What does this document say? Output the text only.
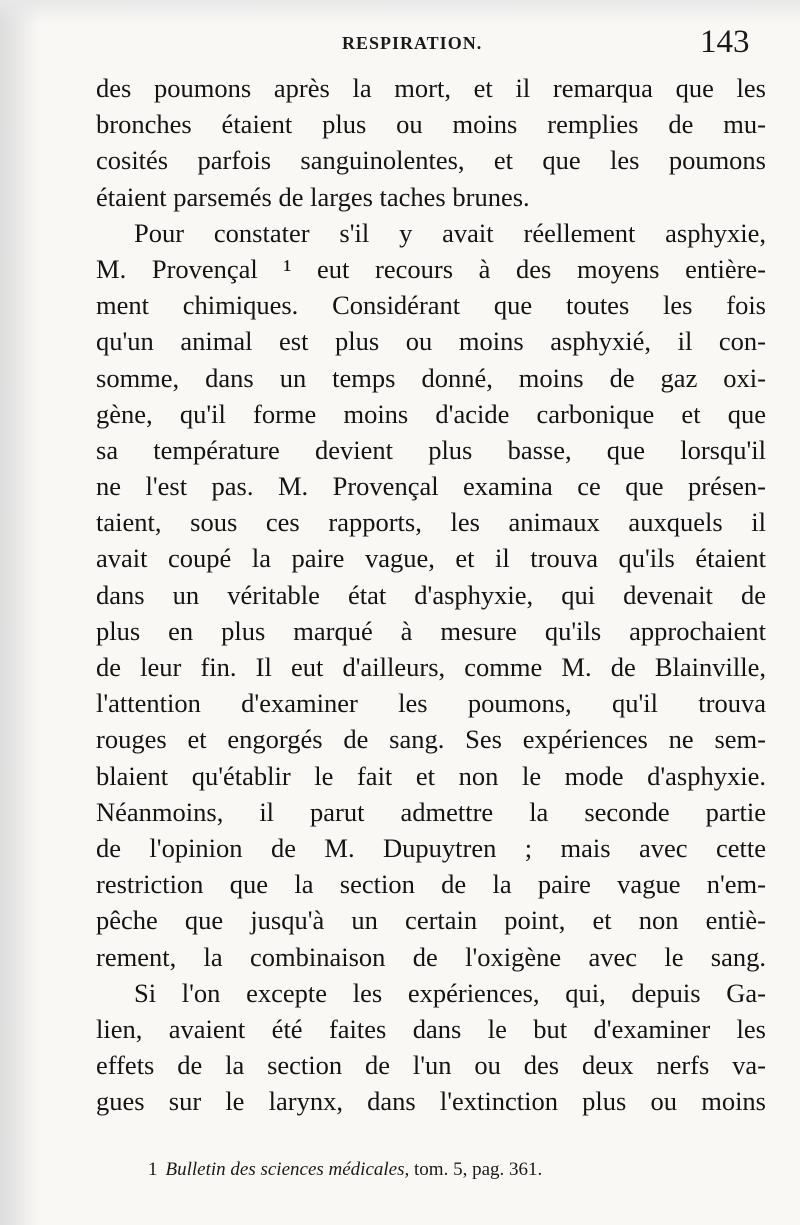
RESPIRATION.	143
des poumons après la mort, et il remarqua que les
bronches étaient plus ou moins remplies de mu-
cosités parfois sanguinolentes, et que les poumons
étaient parsemés de larges taches brunes.
Pour constater s'il y avait réellement asphyxie,
M. Provençal ¹ eut recours à des moyens entière-
ment chimiques. Considérant que toutes les fois
qu'un animal est plus ou moins asphyxié, il con-
somme, dans un temps donné, moins de gaz oxi-
gène, qu'il forme moins d'acide carbonique et que
sa température devient plus basse, que lorsqu'il
ne l'est pas. M. Provençal examina ce que présen-
taient, sous ces rapports, les animaux auxquels il
avait coupé la paire vague, et il trouva qu'ils étaient
dans un véritable état d'asphyxie, qui devenait de
plus en plus marqué à mesure qu'ils approchaient
de leur fin. Il eut d'ailleurs, comme M. de Blainville,
l'attention d'examiner les poumons, qu'il trouva
rouges et engorgés de sang. Ses expériences ne sem-
blaient qu'établir le fait et non le mode d'asphyxie.
Néanmoins, il parut admettre la seconde partie
de l'opinion de M. Dupuytren ; mais avec cette
restriction que la section de la paire vague n'em-
pêche que jusqu'à un certain point, et non entiè-
rement, la combinaison de l'oxigène avec le sang.
Si l'on excepte les expériences, qui, depuis Ga-
lien, avaient été faites dans le but d'examiner les
effets de la section de l'un ou des deux nerfs va-
gues sur le larynx, dans l'extinction plus ou moins
1 Bulletin des sciences médicales, tom. 5, pag. 361.
